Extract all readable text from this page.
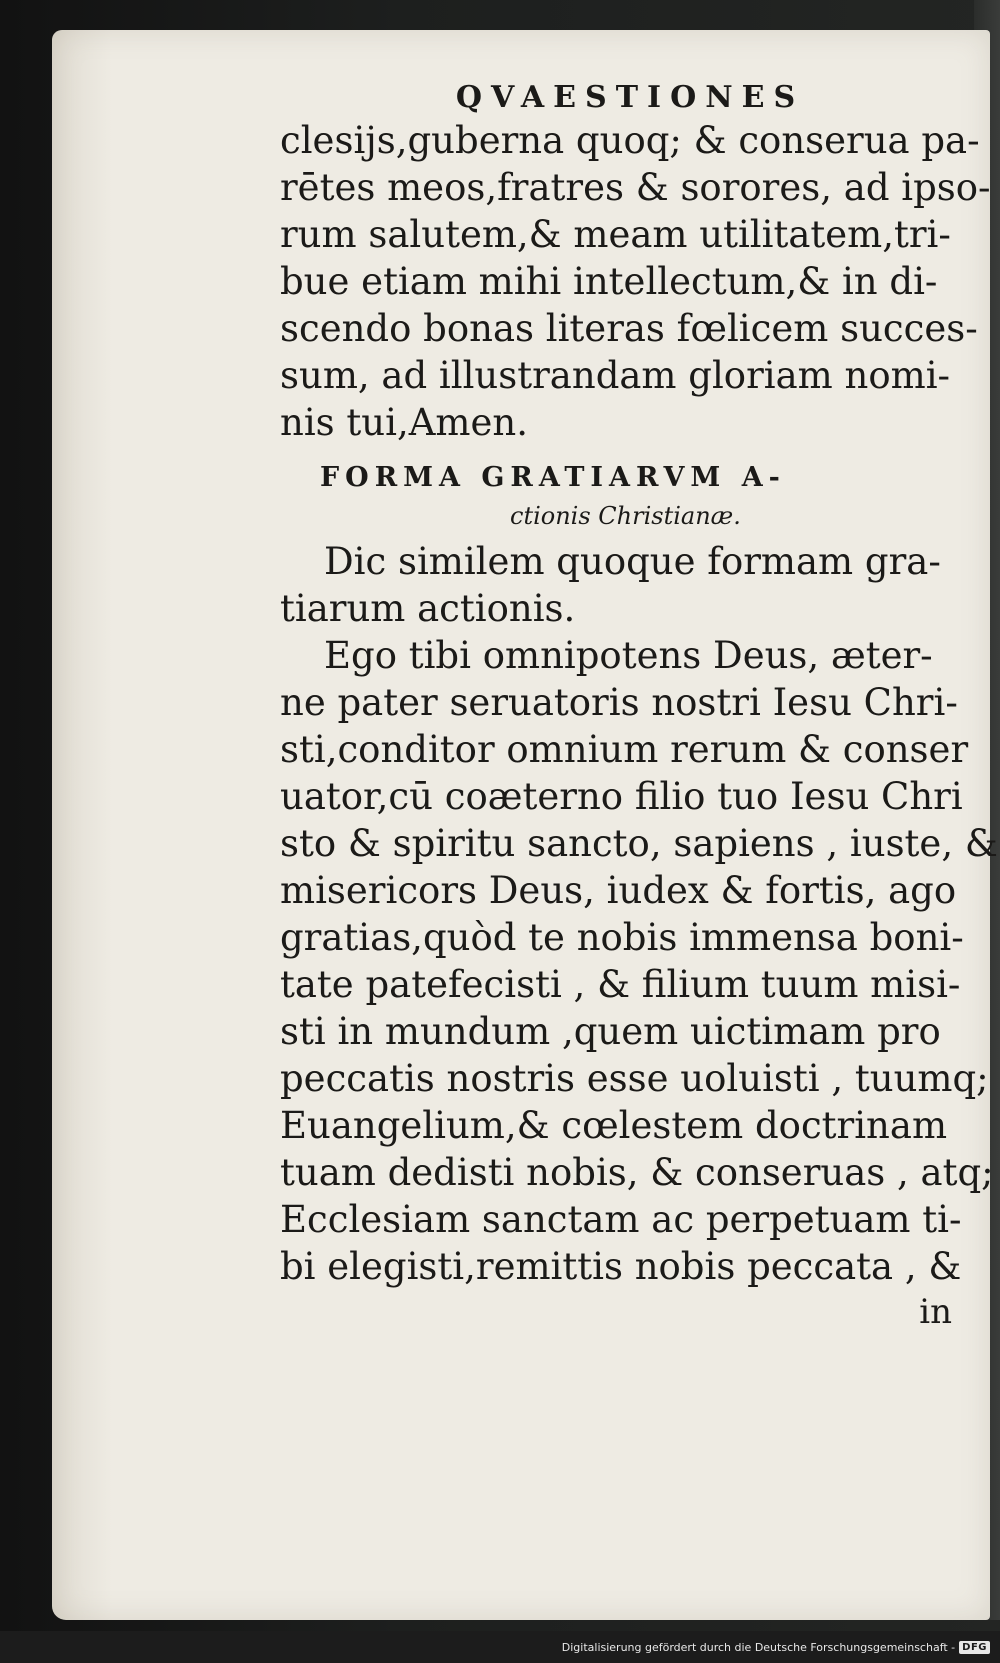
QVAESTIONES
clesijs,guberna quoq; & conserua pa-
rētes meos,fratres & sorores, ad ipso-
rum salutem,& meam utilitatem,tri-
bue etiam mihi intellectum,& in di-
scendo bonas literas fœlicem succes-
sum, ad illustrandam gloriam nomi-
nis tui,Amen.
FORMA GRATIARVM A-
ctionis Christianæ.
Dic similem quoque formam gra-
tiarum actionis.
Ego tibi omnipotens Deus, æter-
ne pater seruatoris nostri Iesu Chri-
sti,conditor omnium rerum & conser
uator,cū coæterno filio tuo Iesu Chri
sto & spiritu sancto, sapiens , iuste, &
misericors Deus, iudex & fortis, ago
gratias,quòd te nobis immensa boni-
tate patefecisti , & filium tuum misi-
sti in mundum ,quem uictimam pro
peccatis nostris esse uoluisti , tuumq;
Euangelium,& cœlestem doctrinam
tuam dedisti nobis, & conseruas , atq;
Ecclesiam sanctam ac perpetuam ti-
bi elegisti,remittis nobis peccata , &
in
Digitalisierung gefördert durch die Deutsche Forschungsgemeinschaft - DFG
